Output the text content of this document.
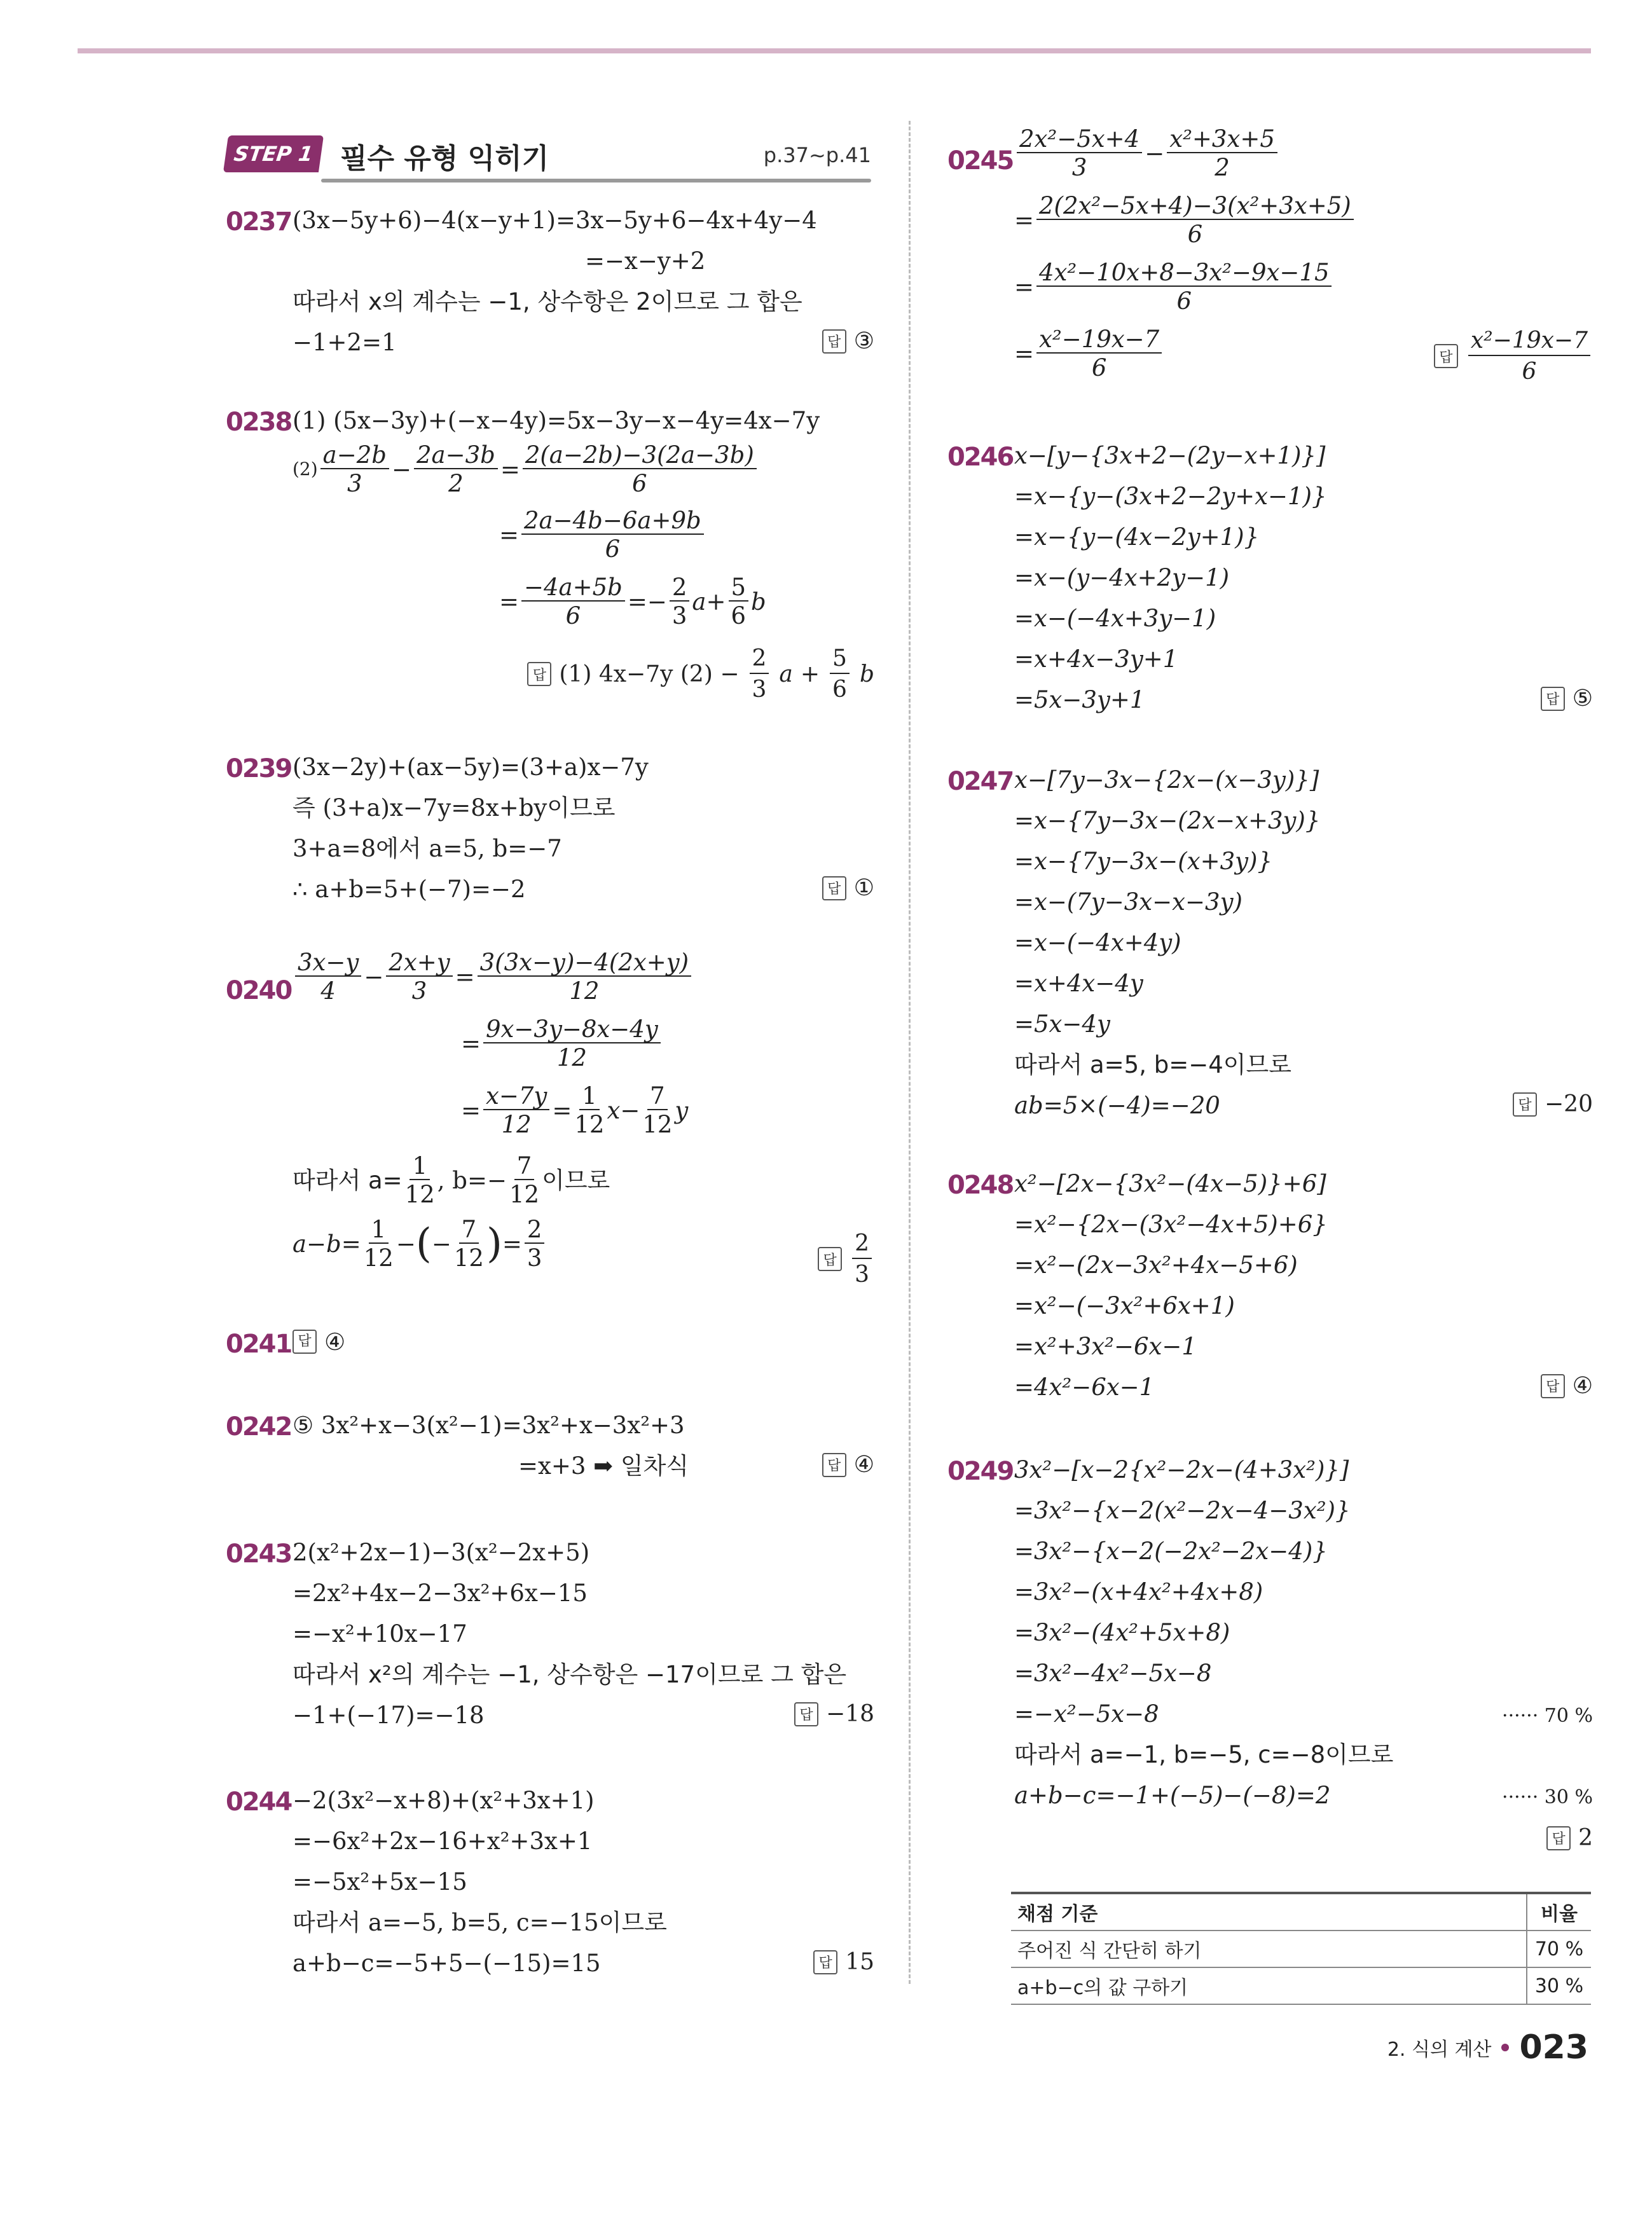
STEP 1 필수 유형 익히기	p.37~p.41
0237 (3x−5y+6)−4(x−y+1)=3x−5y+6−4x+4y−4
=−x−y+2
따라서 x의 계수는 −1, 상수항은 2이므로 그 합은
−1+2=1	답 ③
0238 (1) (5x−3y)+(−x−4y)=5x−3y−x−4y=4x−7y
$(2) \frac{a-2b}{3} - \frac{2a-3b}{2} = \frac{2(a-2b)-3(2a-3b)}{6}$
= $\frac{2a-4b-6a+9b}{6}$
= $\frac{-4a+5b}{6} =- \frac{2}{3}$ $a + \frac{5}{6}$ b
답 (1) 4x−7y $(2) - \frac{2}{3}$ $a + \frac{5}{6}$ b
0239 (3x−2y)+(ax−5y)=(3+a)x−7y
즉 (3+a)x−7y=8x+by이므로
3+a=8에서 a=5, b=−7
∴ a+b=5+(−7)=−2	답 ①
$0240 \frac{3x-y}{4} - \frac{2x+y}{3} = \frac{3(3x-y)-4(2x+y)}{12}$
= $\frac{9x-3y-8x-4y}{12}$
= $\frac{x-7y}{12} = \frac{1}{12}$ $x - \frac{7}{12}$ y
따라서 $a= \frac{1}{12}$ , $b=- \frac{7}{12}$ 이므로
$a-b= \frac{1}{12}$ − ( − $\frac{7}{12}$ ) = $\frac{2}{3}$	답 $\frac{2}{3}$
0241 답 ④
0242 ⑤ 3x²+x−3(x²−1)=3x²+x−3x²+3
=x+3 ➡ 일차식	답 ④
0243 2(x²+2x−1)−3(x²−2x+5)
=2x²+4x−2−3x²+6x−15
=−x²+10x−17
따라서 x²의 계수는 −1, 상수항은 −17이므로 그 합은
−1+(−17)=−18	답 −18
0244 −2(3x²−x+8)+(x²+3x+1)
=−6x²+2x−16+x²+3x+1
=−5x²+5x−15
따라서 a=−5, b=5, c=−15이므로
a+b−c=−5+5−(−15)=15	답 15
$0245 \frac{\text{2x²−5x+4}}{3} - \frac{\text{x²+3x+5}}{2}$
= $\frac{\text{2(2x²−5x+4)−3(x²+3x+5)}}{6}$
= $\frac{\text{4x²−10x+8−3x²−9x−15}}{6}$
= $\frac{\text{x²−19x−7}}{6}$	답 $\frac{\text{x²−19x−7}}{6}$
0246 x−[y−{3x+2−(2y−x+1)}]
=x−{y−(3x+2−2y+x−1)}
=x−{y−(4x−2y+1)}
=x−(y−4x+2y−1)
=x−(−4x+3y−1)
=x+4x−3y+1
=5x−3y+1	답 ⑤
0247 x−[7y−3x−{2x−(x−3y)}]
=x−{7y−3x−(2x−x+3y)}
=x−{7y−3x−(x+3y)}
=x−(7y−3x−x−3y)
=x−(−4x+4y)
=x+4x−4y
=5x−4y
따라서 a=5, b=−4이므로
ab=5×(−4)=−20	답 −20
0248 x²−[2x−{3x²−(4x−5)}+6]
=x²−{2x−(3x²−4x+5)+6}
=x²−(2x−3x²+4x−5+6)
=x²−(−3x²+6x+1)
=x²+3x²−6x−1
=4x²−6x−1	답 ④
0249 3x²−[x−2{x²−2x−(4+3x²)}]
=3x²−{x−2(x²−2x−4−3x²)}
=3x²−{x−2(−2x²−2x−4)}
=3x²−(x+4x²+4x+8)
=3x²−(4x²+5x+8)
=3x²−4x²−5x−8
=−x²−5x−8
따라서 a=−1, b=−5, c=−8이므로
a+b−c=−1+(−5)−(−8)=2
······ 70 %
······ 30 %
답 2
채점 기준	비율
주어진 식 간단히 하기	70 %
a+b−c의 값 구하기	30 %
2. 식의 계산 023
